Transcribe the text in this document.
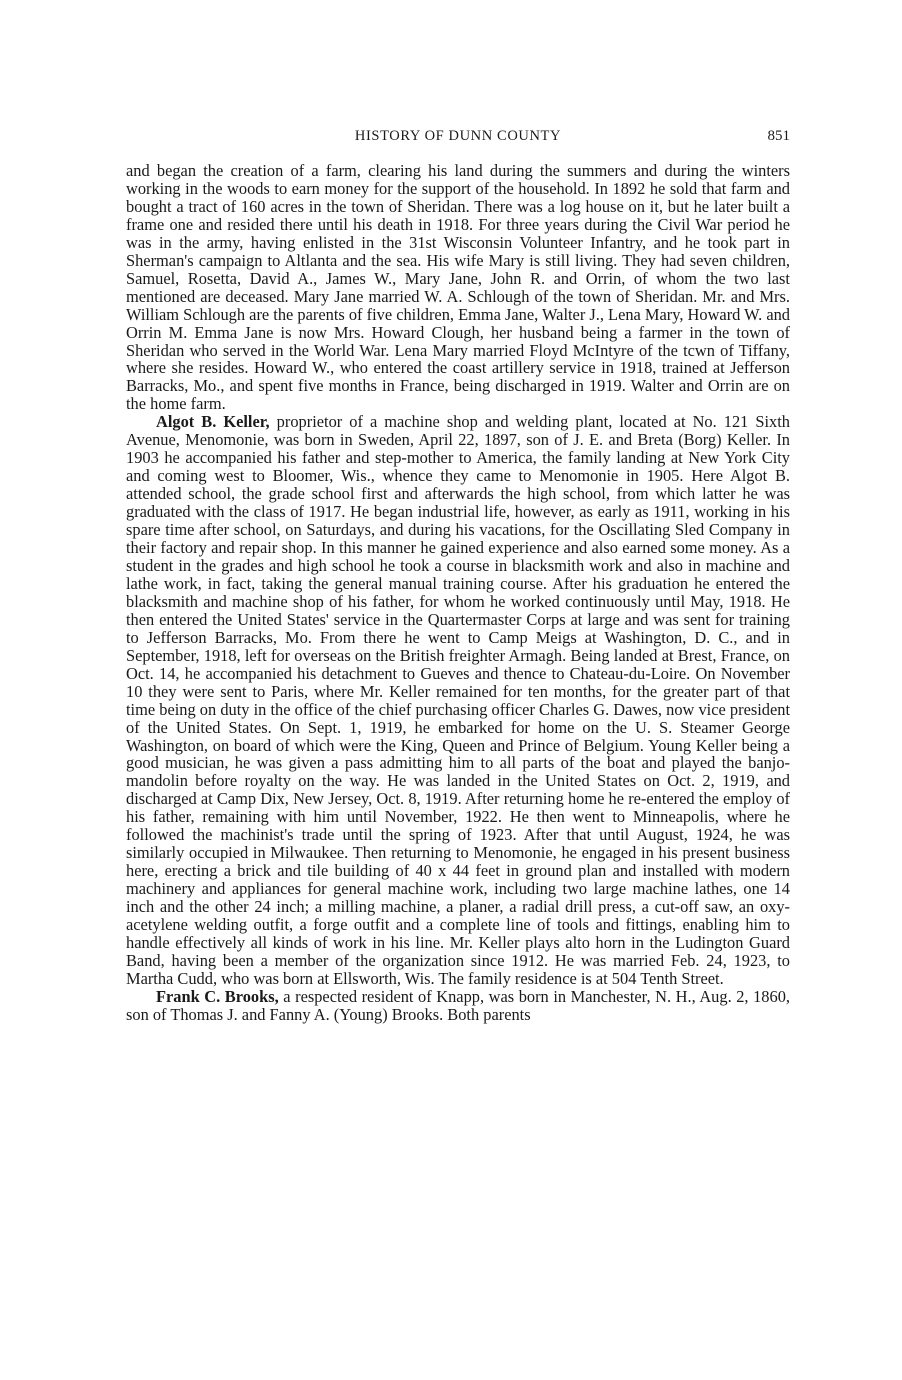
HISTORY OF DUNN COUNTY	851

and began the creation of a farm, clearing his land during the summers and during the winters working in the woods to earn money for the support of the household. In 1892 he sold that farm and bought a tract of 160 acres in the town of Sheridan. There was a log house on it, but he later built a frame one and resided there until his death in 1918. For three years during the Civil War period he was in the army, having enlisted in the 31st Wisconsin Volunteer Infantry, and he took part in Sherman's campaign to Altlanta and the sea. His wife Mary is still living. They had seven children, Samuel, Rosetta, David A., James W., Mary Jane, John R. and Orrin, of whom the two last mentioned are deceased. Mary Jane married W. A. Schlough of the town of Sheridan. Mr. and Mrs. William Schlough are the parents of five children, Emma Jane, Walter J., Lena Mary, Howard W. and Orrin M. Emma Jane is now Mrs. Howard Clough, her husband being a farmer in the town of Sheridan who served in the World War. Lena Mary married Floyd McIntyre of the tcwn of Tiffany, where she resides. Howard W., who entered the coast artillery service in 1918, trained at Jefferson Barracks, Mo., and spent five months in France, being discharged in 1919. Walter and Orrin are on the home farm.

Algot B. Keller, proprietor of a machine shop and welding plant, located at No. 121 Sixth Avenue, Menomonie, was born in Sweden, April 22, 1897, son of J. E. and Breta (Borg) Keller. In 1903 he accompanied his father and step-mother to America, the family landing at New York City and coming west to Bloomer, Wis., whence they came to Menomonie in 1905. Here Algot B. attended school, the grade school first and afterwards the high school, from which latter he was graduated with the class of 1917. He began industrial life, however, as early as 1911, working in his spare time after school, on Saturdays, and during his vacations, for the Oscillating Sled Company in their factory and repair shop. In this manner he gained experience and also earned some money. As a student in the grades and high school he took a course in blacksmith work and also in machine and lathe work, in fact, taking the general manual training course. After his graduation he entered the blacksmith and machine shop of his father, for whom he worked continuously until May, 1918. He then entered the United States' service in the Quartermaster Corps at large and was sent for training to Jefferson Barracks, Mo. From there he went to Camp Meigs at Washington, D. C., and in September, 1918, left for overseas on the British freighter Armagh. Being landed at Brest, France, on Oct. 14, he accompanied his detachment to Gueves and thence to Chateau-du-Loire. On November 10 they were sent to Paris, where Mr. Keller remained for ten months, for the greater part of that time being on duty in the office of the chief purchasing officer Charles G. Dawes, now vice president of the United States. On Sept. 1, 1919, he embarked for home on the U. S. Steamer George Washington, on board of which were the King, Queen and Prince of Belgium. Young Keller being a good musician, he was given a pass admitting him to all parts of the boat and played the banjo-mandolin before royalty on the way. He was landed in the United States on Oct. 2, 1919, and discharged at Camp Dix, New Jersey, Oct. 8, 1919. After returning home he re-entered the employ of his father, remaining with him until November, 1922. He then went to Minneapolis, where he followed the machinist's trade until the spring of 1923. After that until August, 1924, he was similarly occupied in Milwaukee. Then returning to Menomonie, he engaged in his present business here, erecting a brick and tile building of 40 x 44 feet in ground plan and installed with modern machinery and appliances for general machine work, including two large machine lathes, one 14 inch and the other 24 inch; a milling machine, a planer, a radial drill press, a cut-off saw, an oxy-acetylene welding outfit, a forge outfit and a complete line of tools and fittings, enabling him to handle effectively all kinds of work in his line. Mr. Keller plays alto horn in the Ludington Guard Band, having been a member of the organization since 1912. He was married Feb. 24, 1923, to Martha Cudd, who was born at Ellsworth, Wis. The family residence is at 504 Tenth Street.

Frank C. Brooks, a respected resident of Knapp, was born in Manchester, N. H., Aug. 2, 1860, son of Thomas J. and Fanny A. (Young) Brooks. Both parents
